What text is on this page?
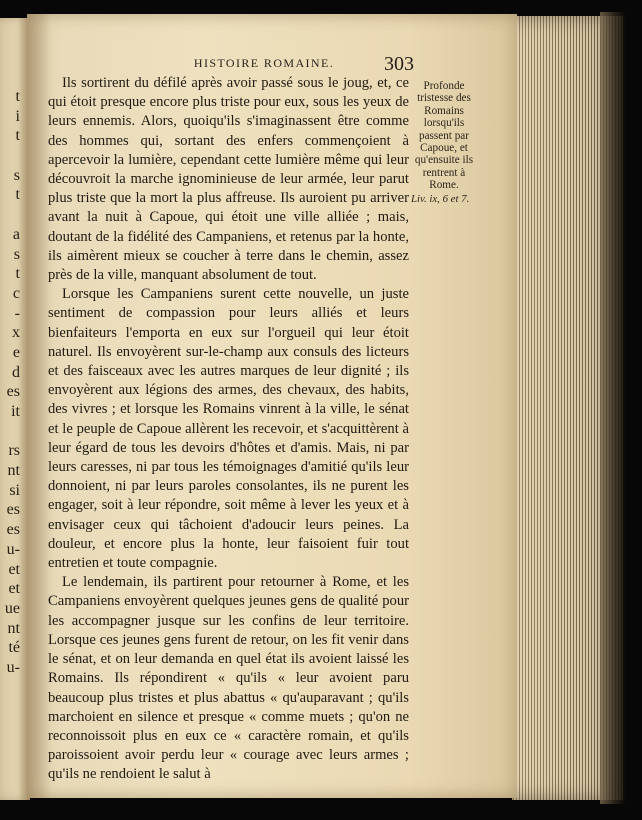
t
i
t
s
t
a
s
t
c
-
x
e
d
es
it
rs
nt
si
es
es
u-
et
et
ue
nt
té
u-
HISTOIRE ROMAINE.	303

Ils sortirent du défilé après avoir passé sous le joug, et, ce qui étoit presque encore plus triste pour eux, sous les yeux de leurs ennemis. Alors, quoiqu'ils s'imaginassent être comme des hommes qui, sortant des enfers commençoient à apercevoir la lumière, cependant cette lumière même qui leur découvroit la marche ignominieuse de leur armée, leur parut plus triste que la mort la plus affreuse. Ils auroient pu arriver avant la nuit à Capoue, qui étoit une ville alliée ; mais, doutant de la fidélité des Campaniens, et retenus par la honte, ils aimèrent mieux se coucher à terre dans le chemin, assez près de la ville, manquant absolument de tout.

Lorsque les Campaniens surent cette nouvelle, un juste sentiment de compassion pour leurs alliés et leurs bienfaiteurs l'emporta en eux sur l'orgueil qui leur étoit naturel. Ils envoyèrent sur-le-champ aux consuls des licteurs et des faisceaux avec les autres marques de leur dignité ; ils envoyèrent aux légions des armes, des chevaux, des habits, des vivres ; et lorsque les Romains vinrent à la ville, le sénat et le peuple de Capoue allèrent les recevoir, et s'acquittèrent à leur égard de tous les devoirs d'hôtes et d'amis. Mais, ni par leurs caresses, ni par tous les témoignages d'amitié qu'ils leur donnoient, ni par leurs paroles consolantes, ils ne purent les engager, soit à leur répondre, soit même à lever les yeux et à envisager ceux qui tâchoient d'adoucir leurs peines. La douleur, et encore plus la honte, leur faisoient fuir tout entretien et toute compagnie.

Le lendemain, ils partirent pour retourner à Rome, et les Campaniens envoyèrent quelques jeunes gens de qualité pour les accompagner jusque sur les confins de leur territoire. Lorsque ces jeunes gens furent de retour, on les fit venir dans le sénat, et on leur demanda en quel état ils avoient laissé les Romains. Ils répondirent « qu'ils « leur avoient paru beaucoup plus tristes et plus abattus « qu'auparavant ; qu'ils marchoient en silence et presque « comme muets ; qu'on ne reconnoissoit plus en eux ce « caractère romain, et qu'ils paroissoient avoir perdu leur « courage avec leurs armes ; qu'ils ne rendoient le salut à

Profonde tristesse des Romains lorsqu'ils passent par Capoue, et qu'ensuite ils rentrent à Rome.
Liv. ix, 6 et 7.
